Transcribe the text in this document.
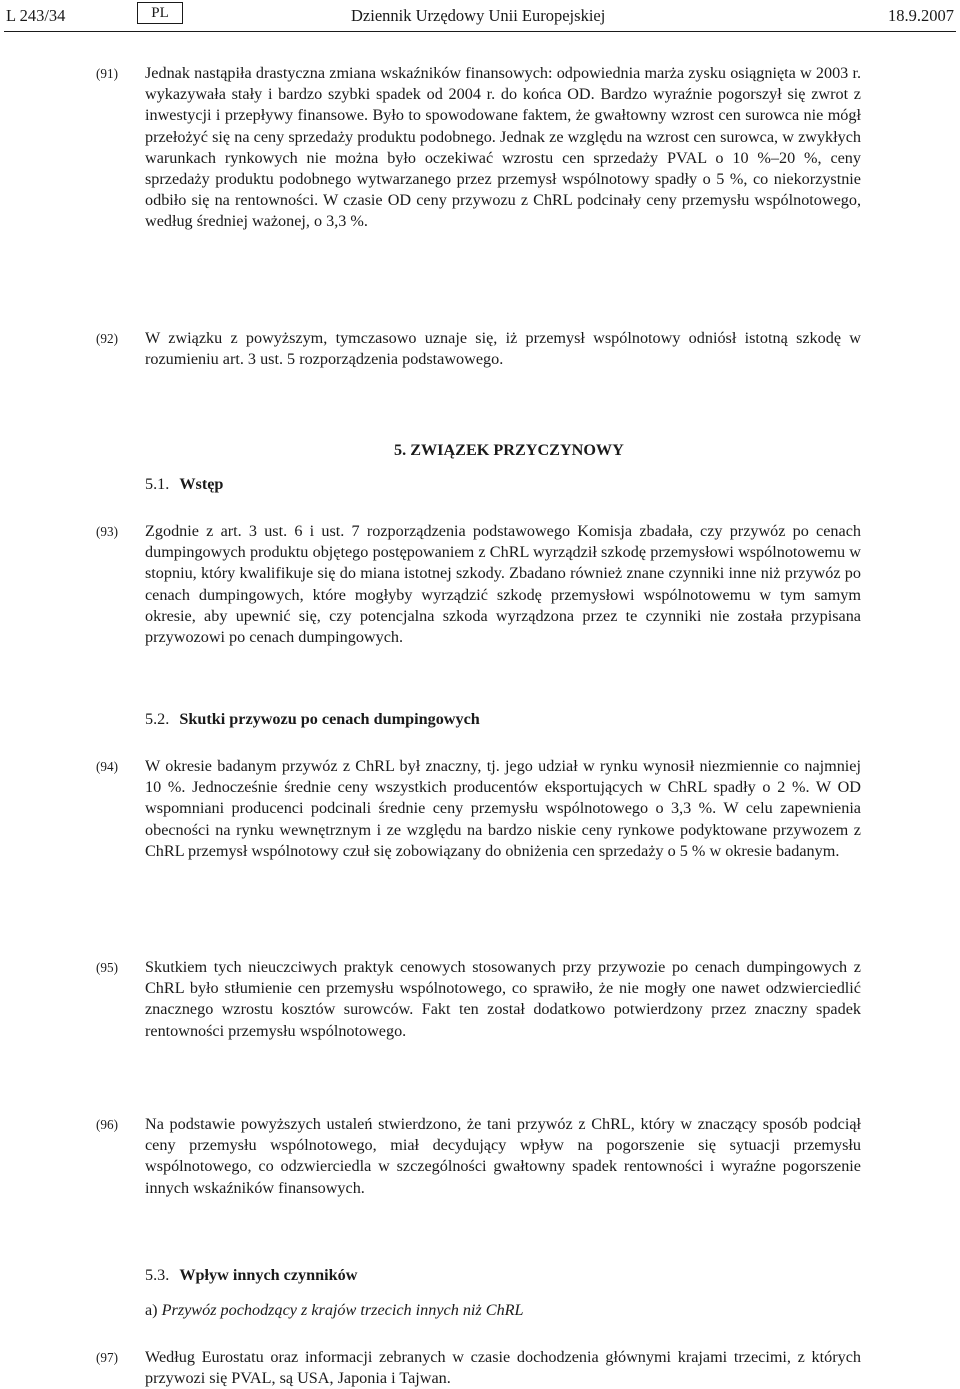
L 243/34	PL	Dziennik Urzędowy Unii Europejskiej	18.9.2007
(91) Jednak nastąpiła drastyczna zmiana wskaźników finansowych: odpowiednia marża zysku osiągnięta w 2003 r. wykazywała stały i bardzo szybki spadek od 2004 r. do końca OD. Bardzo wyraźnie pogorszył się zwrot z inwestycji i przepływy finansowe. Było to spowodowane faktem, że gwałtowny wzrost cen surowca nie mógł przełożyć się na ceny sprzedaży produktu podobnego. Jednak ze względu na wzrost cen surowca, w zwykłych warunkach rynkowych nie można było oczekiwać wzrostu cen sprzedaży PVAL o 10 %–20 %, ceny sprzedaży produktu podobnego wytwarzanego przez przemysł wspólnotowy spadły o 5 %, co niekorzystnie odbiło się na rentowności. W czasie OD ceny przywozu z ChRL podcinały ceny przemysłu wspólnotowego, według średniej ważonej, o 3,3 %.
(92) W związku z powyższym, tymczasowo uznaje się, iż przemysł wspólnotowy odniósł istotną szkodę w rozumieniu art. 3 ust. 5 rozporządzenia podstawowego.
5. ZWIĄZEK PRZYCZYNOWY
5.1. Wstęp
(93) Zgodnie z art. 3 ust. 6 i ust. 7 rozporządzenia podstawowego Komisja zbadała, czy przywóz po cenach dumpingowych produktu objętego postępowaniem z ChRL wyrządził szkodę przemysłowi wspólnotowemu w stopniu, który kwalifikuje się do miana istotnej szkody. Zbadano również znane czynniki inne niż przywóz po cenach dumpingowych, które mogłyby wyrządzić szkodę przemysłowi wspólnotowemu w tym samym okresie, aby upewnić się, czy potencjalna szkoda wyrządzona przez te czynniki nie została przypisana przywozowi po cenach dumpingowych.
5.2. Skutki przywozu po cenach dumpingowych
(94) W okresie badanym przywóz z ChRL był znaczny, tj. jego udział w rynku wynosił niezmiennie co najmniej 10 %. Jednocześnie średnie ceny wszystkich producentów eksportujących w ChRL spadły o 2 %. W OD wspomniani producenci podcinali średnie ceny przemysłu wspólnotowego o 3,3 %. W celu zapewnienia obecności na rynku wewnętrznym i ze względu na bardzo niskie ceny rynkowe podyktowane przywozem z ChRL przemysł wspólnotowy czuł się zobowiązany do obniżenia cen sprzedaży o 5 % w okresie badanym.
(95) Skutkiem tych nieuczciwych praktyk cenowych stosowanych przy przywozie po cenach dumpingowych z ChRL było stłumienie cen przemysłu wspólnotowego, co sprawiło, że nie mogły one nawet odzwierciedlić znacznego wzrostu kosztów surowców. Fakt ten został dodatkowo potwierdzony przez znaczny spadek rentowności przemysłu wspólnotowego.
(96) Na podstawie powyższych ustaleń stwierdzono, że tani przywóz z ChRL, który w znaczący sposób podciął ceny przemysłu wspólnotowego, miał decydujący wpływ na pogorszenie się sytuacji przemysłu wspólnotowego, co odzwierciedla w szczególności gwałtowny spadek rentowności i wyraźne pogorszenie innych wskaźników finansowych.
5.3. Wpływ innych czynników
a) Przywóz pochodzący z krajów trzecich innych niż ChRL
(97) Według Eurostatu oraz informacji zebranych w czasie dochodzenia głównymi krajami trzecimi, z których przywozi się PVAL, są USA, Japonia i Tajwan.
